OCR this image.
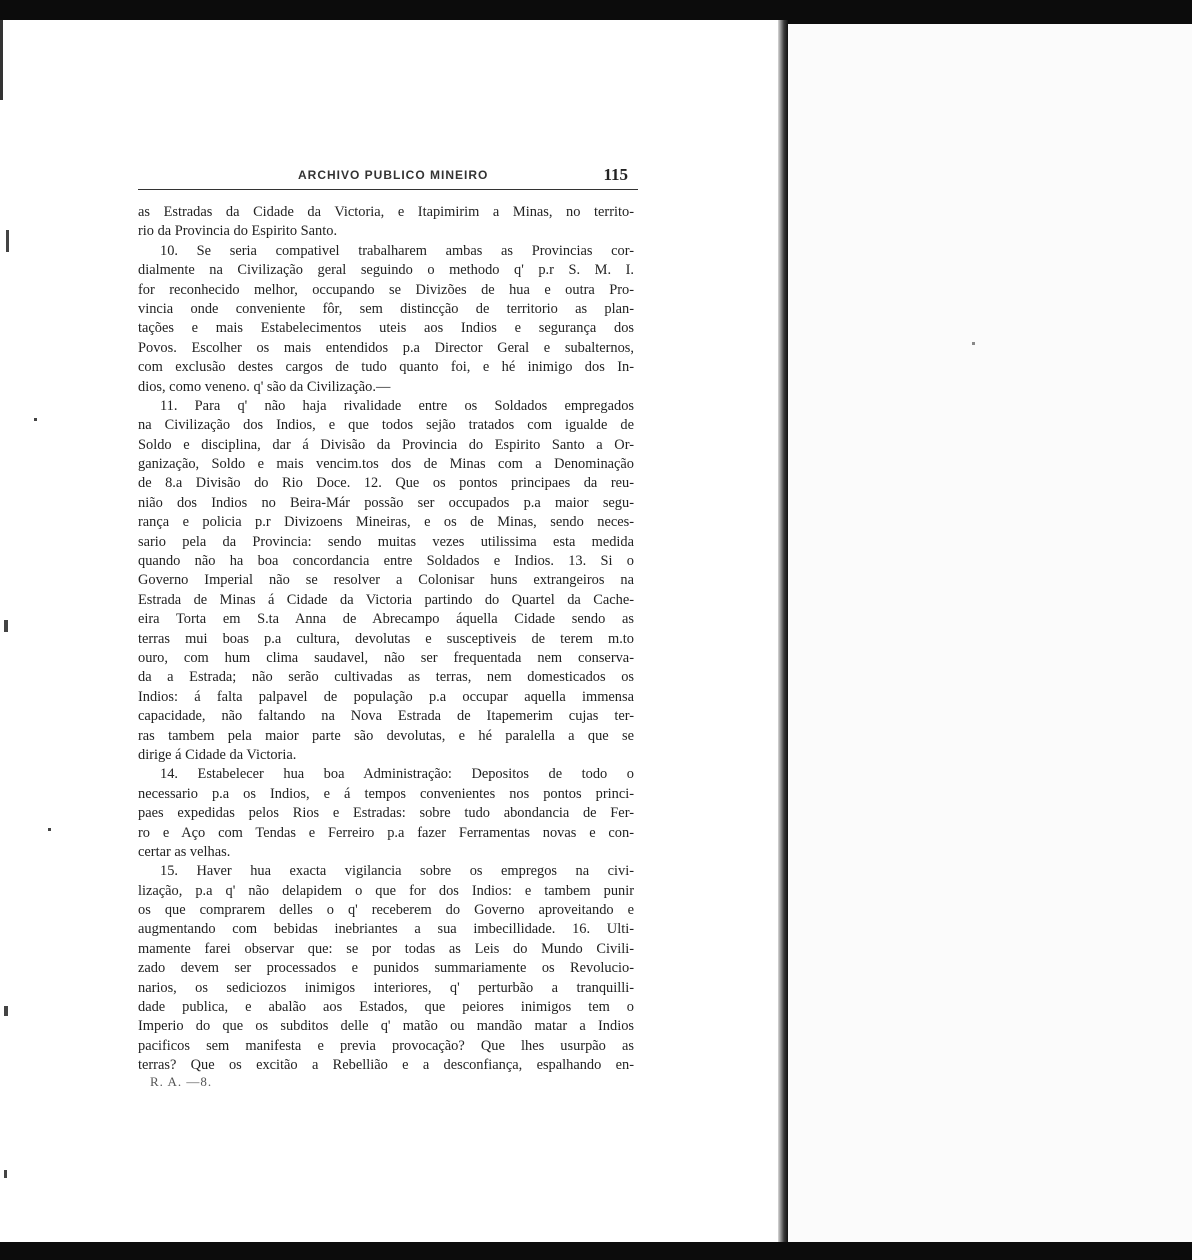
ARCHIVO PUBLICO MINEIRO	115
as Estradas da Cidade da Victoria, e Itapimirim a Minas, no territo-
rio da Provincia do Espirito Santo.
10. Se seria compativel trabalharem ambas as Provincias cor-
dialmente na Civilização geral seguindo o methodo q' p.r S. M. I.
for reconhecido melhor, occupando se Divizões de hua e outra Pro-
vincia onde conveniente fôr, sem distincção de territorio as plan-
tações e mais Estabelecimentos uteis aos Indios e segurança dos
Povos. Escolher os mais entendidos p.a Director Geral e subalternos,
com exclusão destes cargos de tudo quanto foi, e hé inimigo dos In-
dios, como veneno. q' são da Civilização.—
11. Para q' não haja rivalidade entre os Soldados empregados
na Civilização dos Indios, e que todos sejão tratados com igualde de
Soldo e disciplina, dar á Divisão da Provincia do Espirito Santo a Or-
ganização, Soldo e mais vencim.tos dos de Minas com a Denominação
de 8.a Divisão do Rio Doce. 12. Que os pontos principaes da reu-
nião dos Indios no Beira-Már possão ser occupados p.a maior segu-
rança e policia p.r Divizoens Mineiras, e os de Minas, sendo neces-
sario pela da Provincia: sendo muitas vezes utilissima esta medida
quando não ha boa concordancia entre Soldados e Indios. 13. Si o
Governo Imperial não se resolver a Colonisar huns extrangeiros na
Estrada de Minas á Cidade da Victoria partindo do Quartel da Cache-
eira Torta em S.ta Anna de Abrecampo áquella Cidade sendo as
terras mui boas p.a cultura, devolutas e susceptiveis de terem m.to
ouro, com hum clima saudavel, não ser frequentada nem conserva-
da a Estrada; não serão cultivadas as terras, nem domesticados os
Indios: á falta palpavel de população p.a occupar aquella immensa
capacidade, não faltando na Nova Estrada de Itapemerim cujas ter-
ras tambem pela maior parte são devolutas, e hé paralella a que se
dirige á Cidade da Victoria.
14. Estabelecer hua boa Administração: Depositos de todo o
necessario p.a os Indios, e á tempos convenientes nos pontos princi-
paes expedidas pelos Rios e Estradas: sobre tudo abondancia de Fer-
ro e Aço com Tendas e Ferreiro p.a fazer Ferramentas novas e con-
certar as velhas.
15. Haver hua exacta vigilancia sobre os empregos na civi-
lização, p.a q' não delapidem o que for dos Indios: e tambem punir
os que comprarem delles o q' receberem do Governo aproveitando e
augmentando com bebidas inebriantes a sua imbecillidade. 16. Ulti-
mamente farei observar que: se por todas as Leis do Mundo Civili-
zado devem ser processados e punidos summariamente os Revolucio-
narios, os sediciozos inimigos interiores, q' perturbão a tranquilli-
dade publica, e abalão aos Estados, que peiores inimigos tem o
Imperio do que os subditos delle q' matão ou mandão matar a Indios
pacificos sem manifesta e previa provocação? Que lhes usurpão as
terras? Que os excitão a Rebellião e a desconfiança, espalhando en-
R. A. —8.
